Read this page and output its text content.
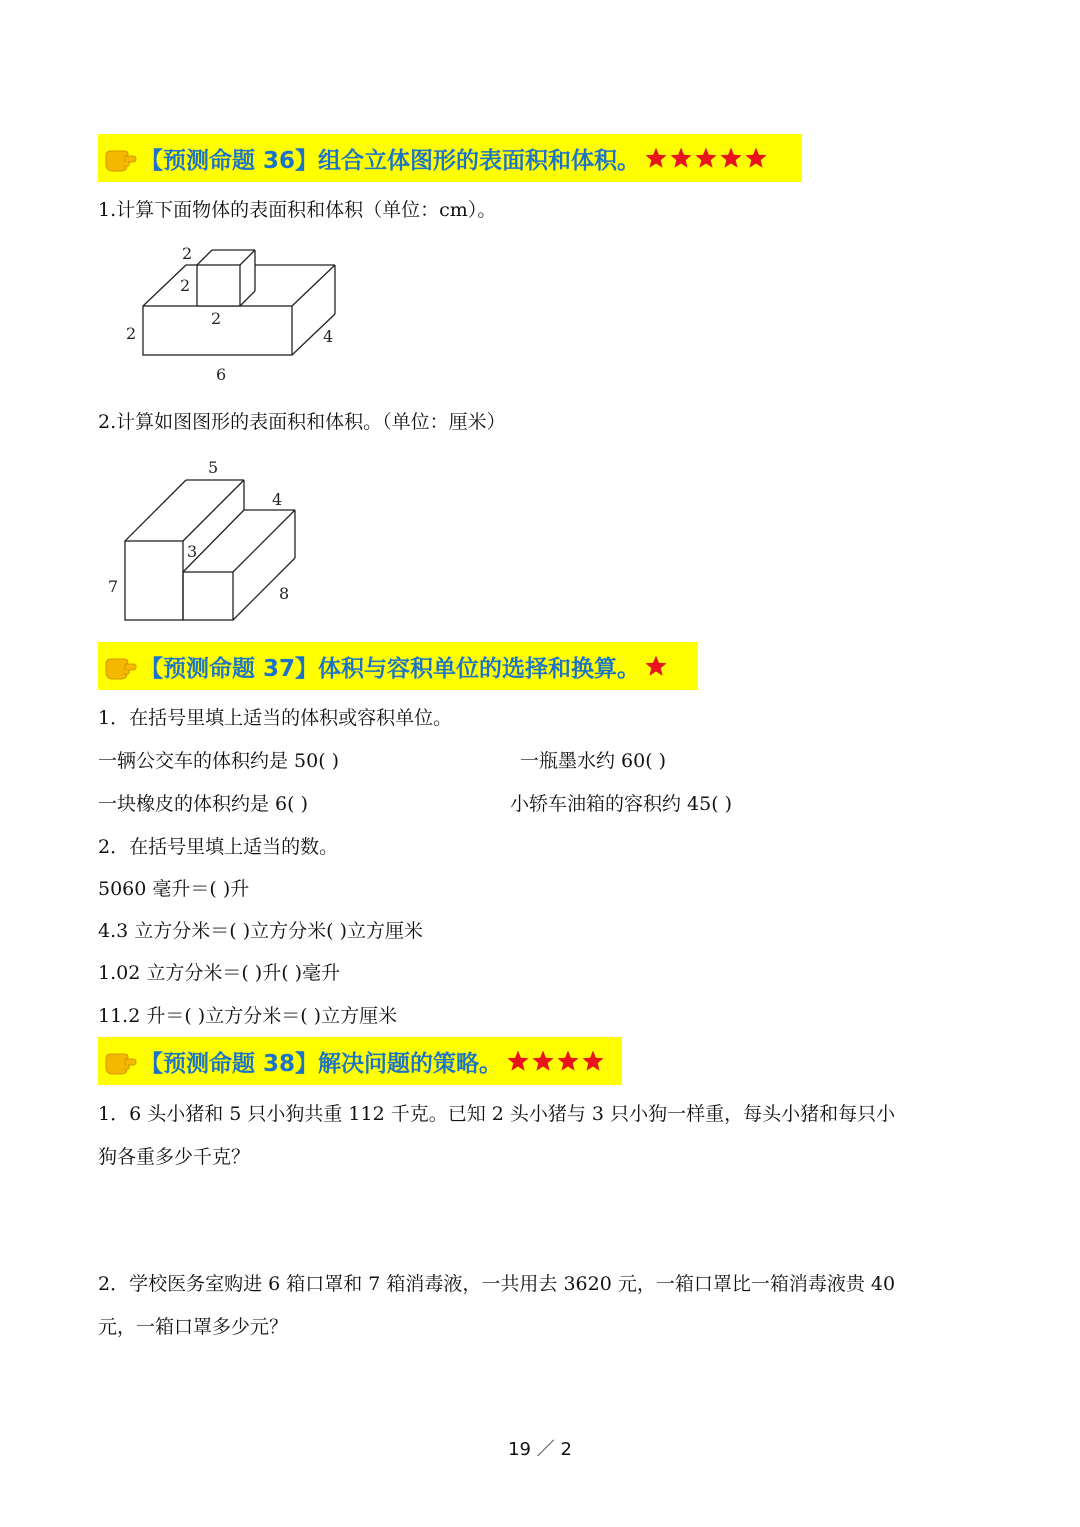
【预测命题 36】组合立体图形的表面积和体积。
1.计算下面物体的表面积和体积（单位：cm）。
2
2
2
2	4
6
2.计算如图图形的表面积和体积。（单位：厘米）
5
4
3
7	8
【预测命题 37】体积与容积单位的选择和换算。
1．在括号里填上适当的体积或容积单位。
一辆公交车的体积约是 50( )	一瓶墨水约 60( )
一块橡皮的体积约是 6( )	小轿车油箱的容积约 45( )
2．在括号里填上适当的数。
5060 毫升＝( )升
4.3 立方分米＝( )立方分米( )立方厘米
1.02 立方分米＝( )升( )毫升
11.2 升＝( )立方分米＝( )立方厘米
【预测命题 38】解决问题的策略。
1．6 头小猪和 5 只小狗共重 112 千克。已知 2 头小猪与 3 只小狗一样重，每头小猪和每只小
狗各重多少千克？
2．学校医务室购进 6 箱口罩和 7 箱消毒液，一共用去 3620 元，一箱口罩比一箱消毒液贵 40
元，一箱口罩多少元？
19 ／ 2
